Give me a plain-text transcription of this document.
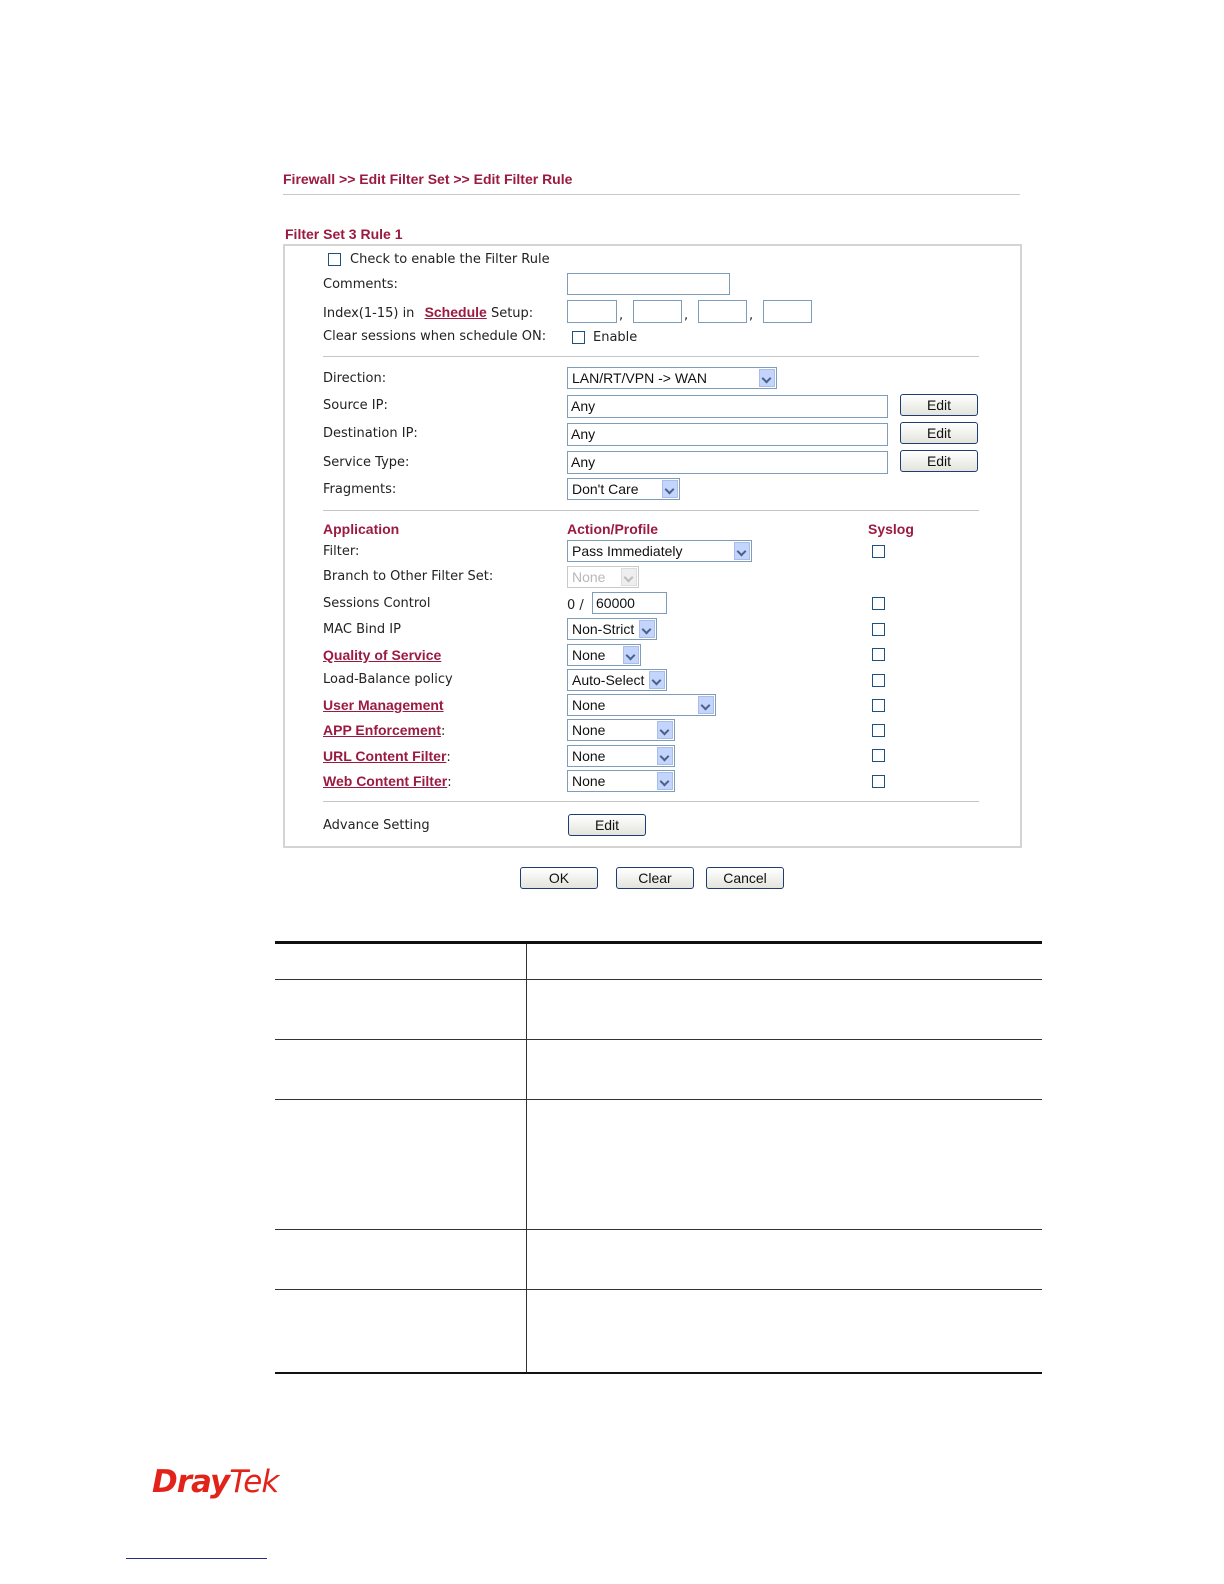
Firewall >> Edit Filter Set >> Edit Filter Rule
Filter Set 3 Rule 1
Check to enable the Filter Rule
Comments:
Index(1-15) in Schedule Setup:	,	,	,
Clear sessions when schedule ON:	Enable
Direction:	LAN/RT/VPN -> WAN
Source IP:	Any	Edit
Destination IP:	Any	Edit
Service Type:	Any	Edit
Fragments:	Don't Care
Application	Action/Profile	Syslog
Filter:	Pass Immediately
Branch to Other Filter Set:	None
Sessions Control	0 / 60000
MAC Bind IP	Non-Strict
Quality of Service	None
Load-Balance policy	Auto-Select
User Management	None
APP Enforcement:	None
URL Content Filter:	None
Web Content Filter:	None
Advance Setting	Edit
OK	Clear	Cancel
DrayTek
